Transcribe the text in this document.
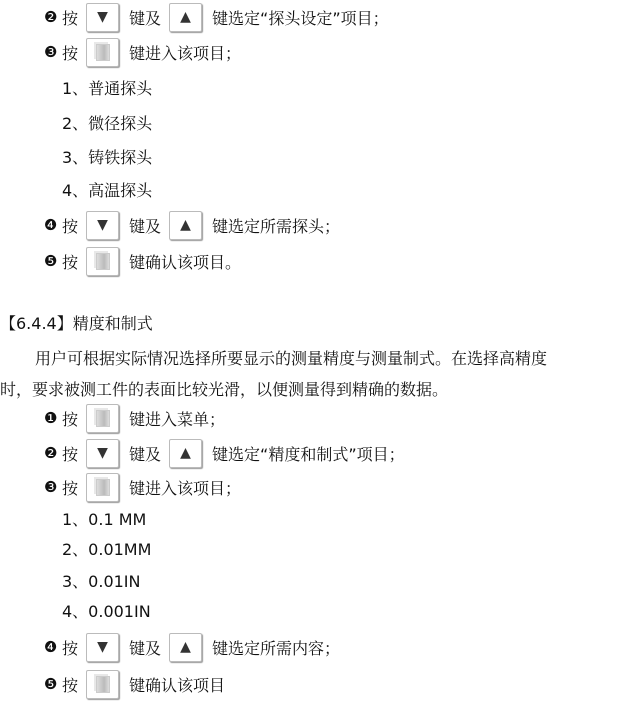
❷ 按 ▼ 键及 ▲ 键选定“探头设定”项目；
❸ 按	键进入该项目；
1、普通探头
2、微径探头
3、铸铁探头
4、高温探头
❹ 按 ▼ 键及 ▲ 键选定所需探头；
❺ 按	键确认该项目。
【6.4.4】精度和制式
用户可根据实际情况选择所要显示的测量精度与测量制式。在选择高精度
时，要求被测工件的表面比较光滑，以便测量得到精确的数据。
❶ 按	键进入菜单；
❷ 按 ▼ 键及 ▲ 键选定“精度和制式”项目；
❸ 按	键进入该项目；
1、0.1 MM
2、0.01MM
3、0.01IN
4、0.001IN
❹ 按 ▼ 键及 ▲ 键选定所需内容；
❺ 按	键确认该项目
